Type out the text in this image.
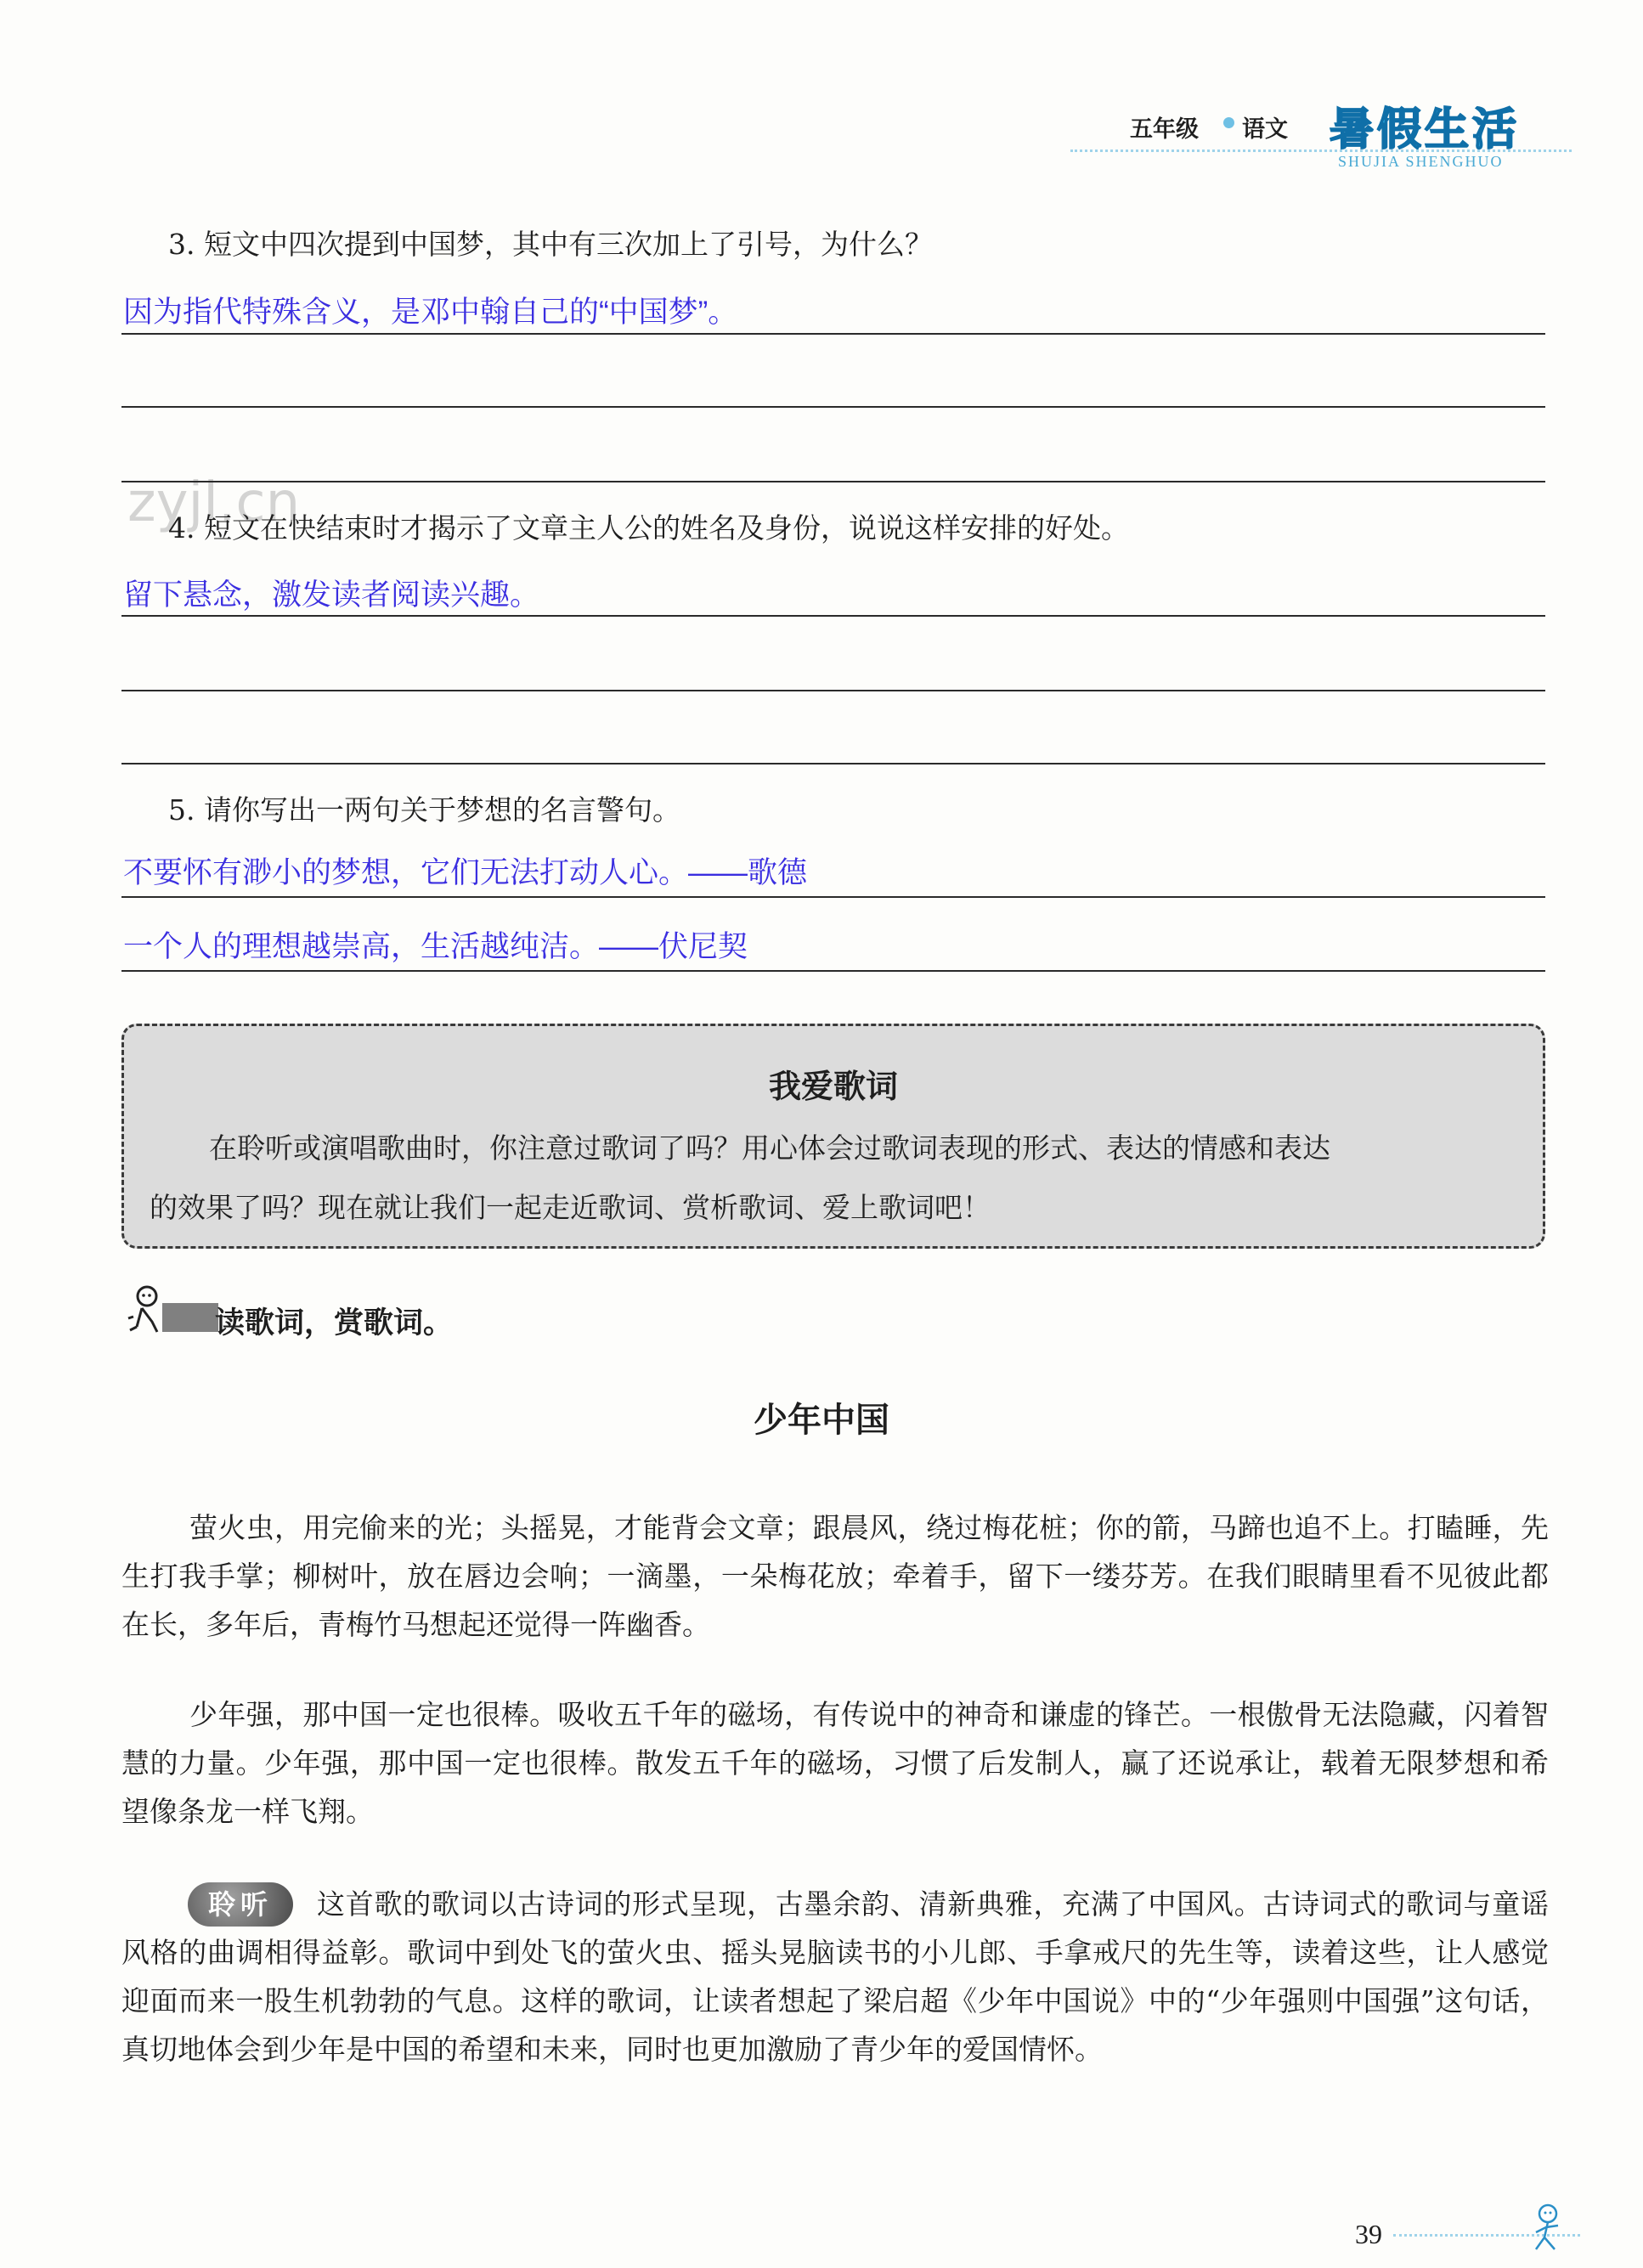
五年级 语文 暑假生活
SHUJIA SHENGHUO
zyjl.cn
3. 短文中四次提到中国梦，其中有三次加上了引号，为什么？
因为指代特殊含义，是邓中翰自己的“中国梦”。
4. 短文在快结束时才揭示了文章主人公的姓名及身份，说说这样安排的好处。
留下悬念，激发读者阅读兴趣。
5. 请你写出一两句关于梦想的名言警句。
不要怀有渺小的梦想，它们无法打动人心。——歌德
一个人的理想越崇高，生活越纯洁。——伏尼契
我爱歌词
在聆听或演唱歌曲时，你注意过歌词了吗？用心体会过歌词表现的形式、表达的情感和表达
的效果了吗？现在就让我们一起走近歌词、赏析歌词、爱上歌词吧！
读歌词，赏歌词。
少年中国
萤火虫，用完偷来的光；头摇晃，才能背会文章；跟晨风，绕过梅花桩；你的箭，马蹄也追不上。打瞌睡，先生打我手掌；柳树叶，放在唇边会响；一滴墨，一朵梅花放；牵着手，留下一缕芬芳。在我们眼睛里看不见彼此都在长，多年后，青梅竹马想起还觉得一阵幽香。
少年强，那中国一定也很棒。吸收五千年的磁场，有传说中的神奇和谦虚的锋芒。一根傲骨无法隐藏，闪着智慧的力量。少年强，那中国一定也很棒。散发五千年的磁场，习惯了后发制人，赢了还说承让，载着无限梦想和希望像条龙一样飞翔。
聆听	这首歌的歌词以古诗词的形式呈现，古墨余韵、清新典雅，充满了中国风。古诗词式的歌词与童谣风格的曲调相得益彰。歌词中到处飞的萤火虫、摇头晃脑读书的小儿郎、手拿戒尺的先生等，读着这些，让人感觉迎面而来一股生机勃勃的气息。这样的歌词，让读者想起了梁启超《少年中国说》中的“少年强则中国强”这句话，真切地体会到少年是中国的希望和未来，同时也更加激励了青少年的爱国情怀。
39
